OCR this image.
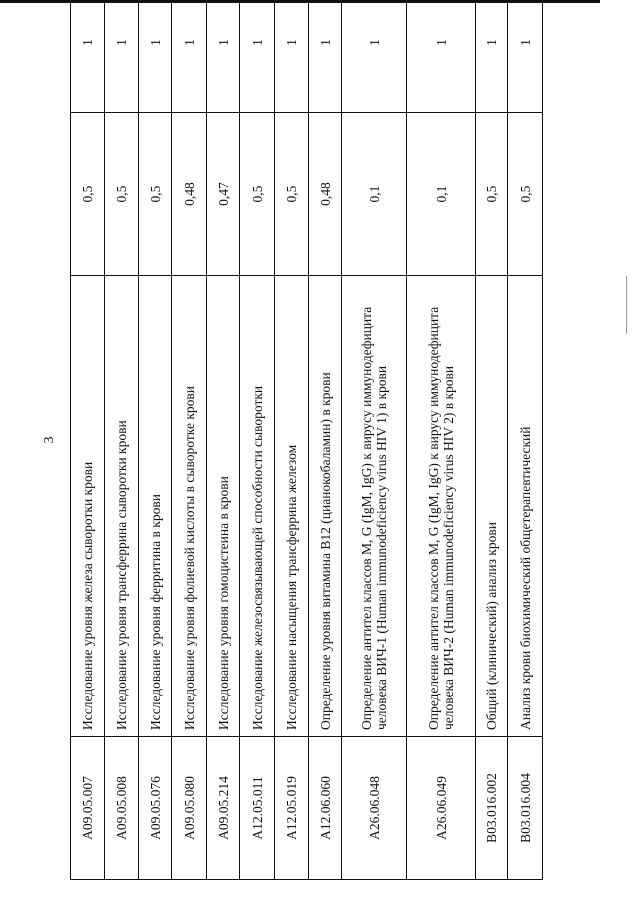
3
A09.05.007	Исследование уровня железа сыворотки крови	0,5	1
A09.05.008	Исследование уровня трансферрина сыворотки крови	0,5	1
A09.05.076	Исследование уровня ферритина в крови	0,5	1
A09.05.080	Исследование уровня фолиевой кислоты в сыворотке крови	0,48	1
A09.05.214	Исследование уровня гомоцистеина в крови	0,47	1
A12.05.011	Исследование железосвязывающей способности сыворотки	0,5	1
A12.05.019	Исследование насыщения трансферрина железом	0,5	1
A12.06.060	Определение уровня витамина В12 (цианокобаламин) в крови	0,48	1
A26.06.048	Определение антител классов M, G (IgM, IgG) к вирусу иммунодефицита человека ВИЧ-1 (Human immunodeficiency virus HIV 1) в крови	0,1	1
A26.06.049	Определение антител классов M, G (IgM, IgG) к вирусу иммунодефицита человека ВИЧ-2 (Human immunodeficiency virus HIV 2) в крови	0,1	1
B03.016.002	Общий (клинический) анализ крови	0,5	1
B03.016.004	Анализ крови биохимический общетерапевтический	0,5	1
